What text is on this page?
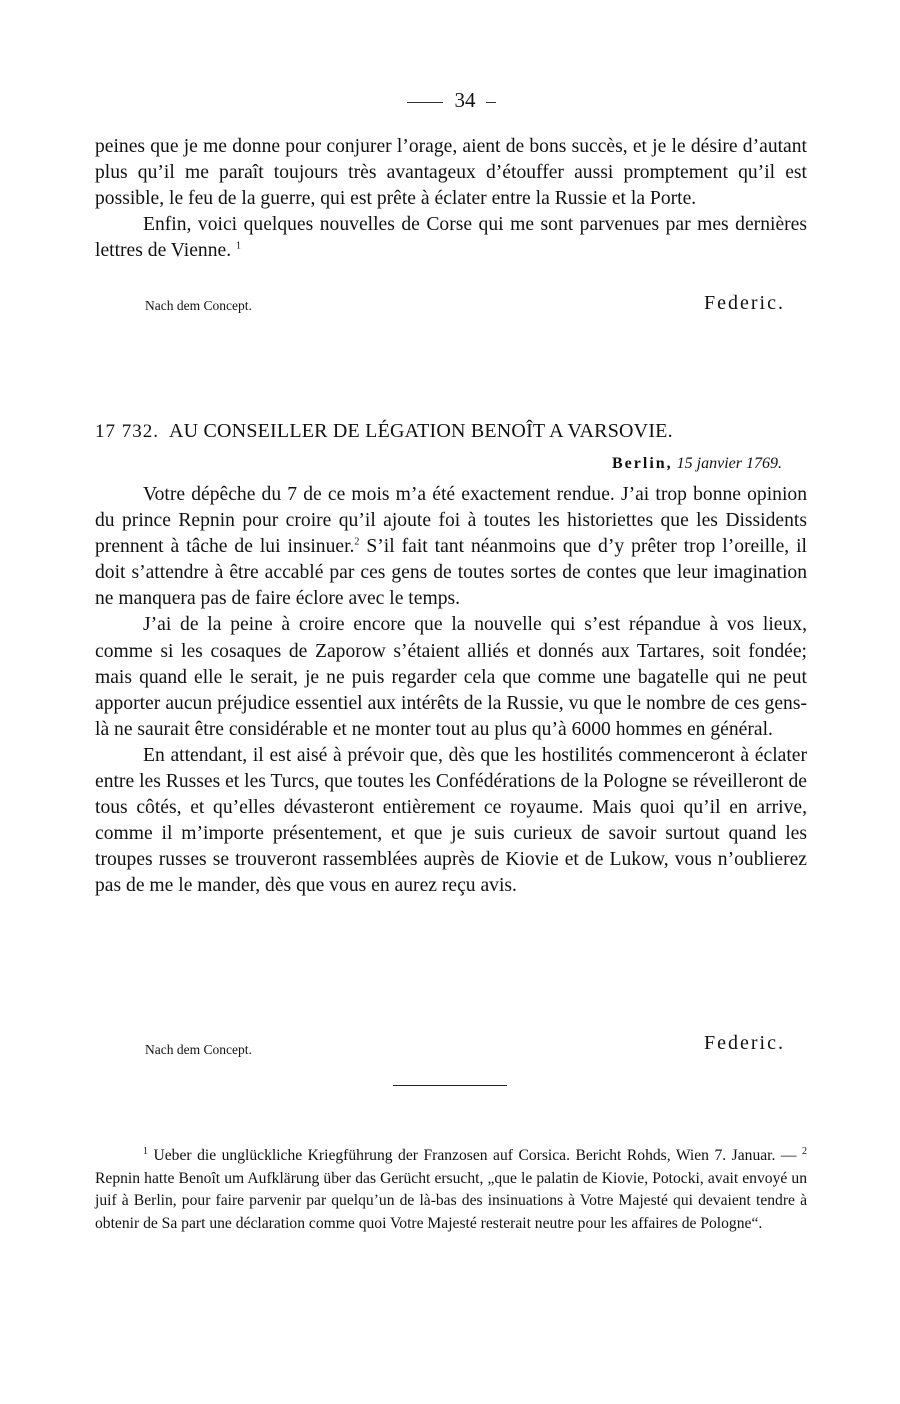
34

peines que je me donne pour conjurer l’orage, aient de bons succès, et je le désire d’autant plus qu’il me paraît toujours très avantageux d’étouffer aussi promptement qu’il est possible, le feu de la guerre, qui est prête à éclater entre la Russie et la Porte.

Enfin, voici quelques nouvelles de Corse qui me sont parvenues par mes dernières lettres de Vienne. $^1$

Nach dem Concept.	Federic.
17 732. AU CONSEILLER DE LÉGATION BENOÎT A VARSOVIE.
Berlin, 15 janvier 1769.

Votre dépêche du 7 de ce mois m’a été exactement rendue. J’ai trop bonne opinion du prince Repnin pour croire qu’il ajoute foi à toutes les historiettes que les Dissidents prennent à tâche de lui insinuer.$^2$ S’il fait tant néanmoins que d’y prêter trop l’oreille, il doit s’attendre à être accablé par ces gens de toutes sortes de contes que leur imagination ne manquera pas de faire éclore avec le temps.

J’ai de la peine à croire encore que la nouvelle qui s’est répandue à vos lieux, comme si les cosaques de Zaporow s’étaient alliés et donnés aux Tartares, soit fondée; mais quand elle le serait, je ne puis regarder cela que comme une bagatelle qui ne peut apporter aucun préjudice essentiel aux intérêts de la Russie, vu que le nombre de ces gens-là ne saurait être considérable et ne monter tout au plus qu’à 6000 hommes en général.

En attendant, il est aisé à prévoir que, dès que les hostilités commenceront à éclater entre les Russes et les Turcs, que toutes les Confédérations de la Pologne se réveilleront de tous côtés, et qu’elles dévasteront entièrement ce royaume. Mais quoi qu’il en arrive, comme il m’importe présentement, et que je suis curieux de savoir surtout quand les troupes russes se trouveront rassemblées auprès de Kiovie et de Lukow, vous n’oublierez pas de me le mander, dès que vous en aurez reçu avis.

Nach dem Concept.	Federic.

$^1$ Ueber die unglückliche Kriegführung der Franzosen auf Corsica. Bericht Rohds, Wien 7. Januar. — $^2$ Repnin hatte Benoît um Aufklärung über das Gerücht ersucht, „que le palatin de Kiovie, Potocki, avait envoyé un juif à Berlin, pour faire parvenir par quelqu’un de là-bas des insinuations à Votre Majesté qui devaient tendre à obtenir de Sa part une déclaration comme quoi Votre Majesté resterait neutre pour les affaires de Pologne“.
